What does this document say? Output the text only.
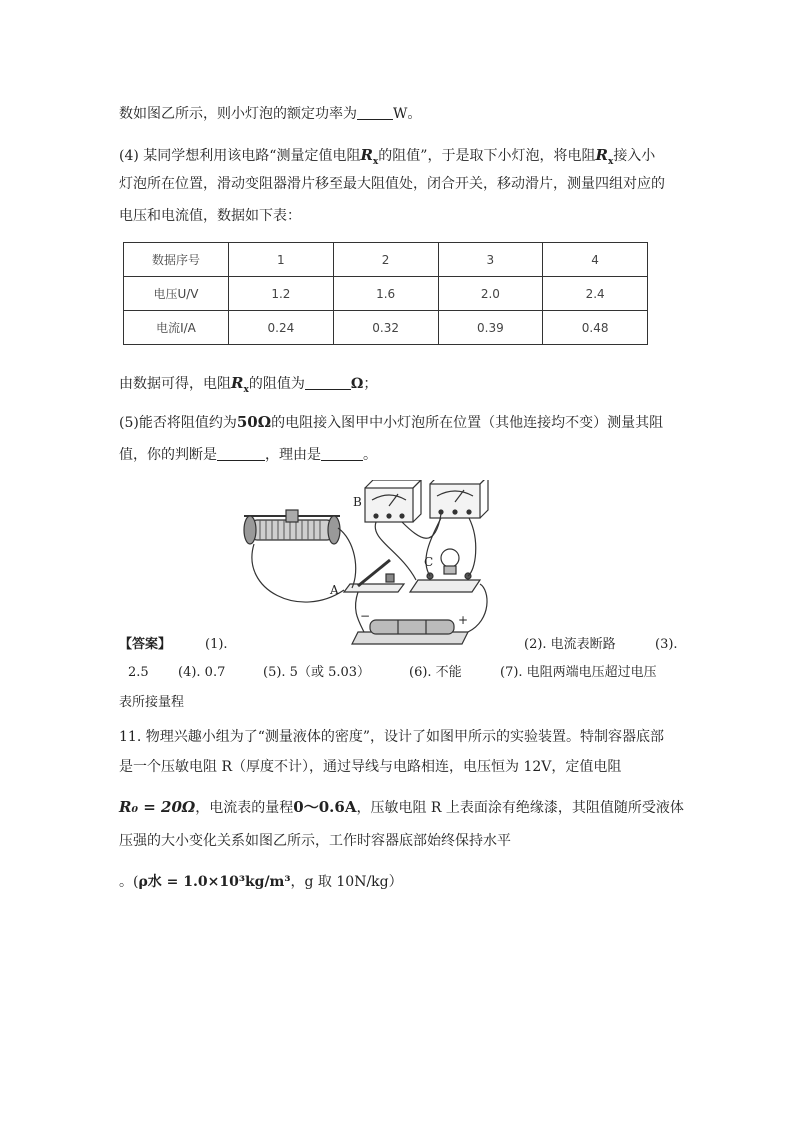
数如图乙所示，则小灯泡的额定功率为	W。
(4) 某同学想利用该电路“测量定值电阻$R_x$的阻值”，于是取下小灯泡，将电阻$R_x$接入小
灯泡所在位置，滑动变阻器滑片移至最大阻值处，闭合开关，移动滑片，测量四组对应的
电压和电流值，数据如下表：
数据序号	1	2	3	4
电压U/V	1.2	1.6	2.0	2.4
电流I/A	0.24	0.32	0.39	0.48
由数据可得，电阻$R_x$的阻值为	Ω；
(5)能否将阻值约为50Ω的电阻接入图甲中小灯泡所在位置（其他连接均不变）测量其阻
值，你的判断是	，理由是	。
B
C
A
−	+
【答案】	(1).	(2). 电流表断路	(3).
2.5 (4). 0.7	(5). 5（或 5.03）	(6). 不能	(7). 电阻两端电压超过电压
表所接量程
11. 物理兴趣小组为了“测量液体的密度”，设计了如图甲所示的实验装置。特制容器底部
是一个压敏电阻 R（厚度不计），通过导线与电路相连，电压恒为 12V，定值电阻
R₀ = 20Ω，电流表的量程0～0.6A，压敏电阻 R 上表面涂有绝缘漆，其阻值随所受液体
压强的大小变化关系如图乙所示，工作时容器底部始终保持水平
。(ρ水 = 1.0×10³kg/m³，g 取 10N/kg）
